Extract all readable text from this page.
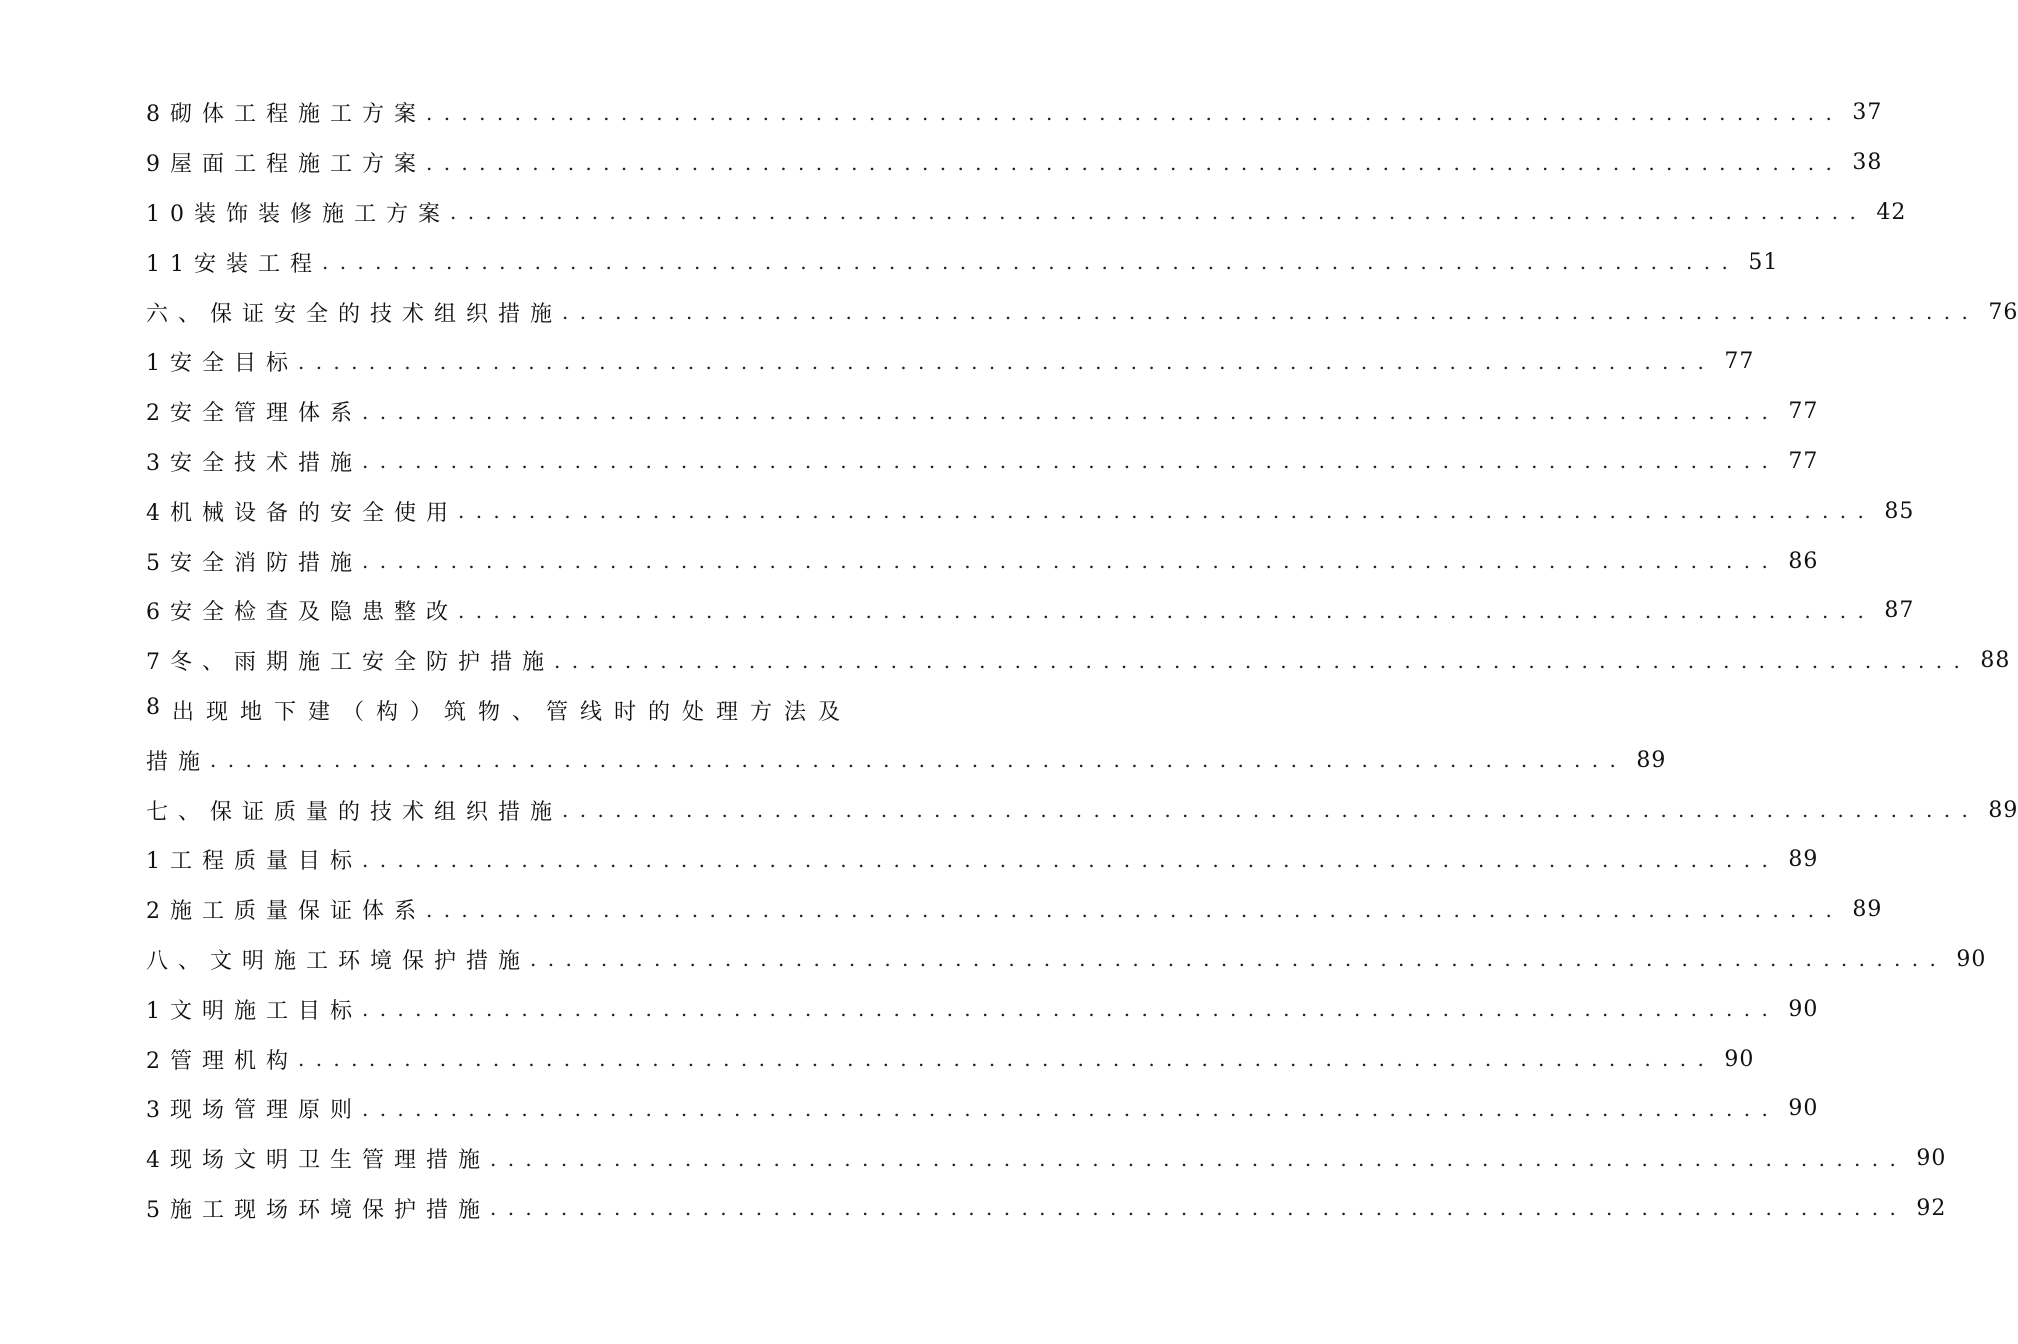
8砌体工程施工方案 . . . . . . . . . . . . . . . . . . . . . . . . . . . . . . . . . . . . . . . . . . . . . . . . . . . . . . . . . . . . . . . . . . . . . . . . . . . . . . . . 37
9屋面工程施工方案 . . . . . . . . . . . . . . . . . . . . . . . . . . . . . . . . . . . . . . . . . . . . . . . . . . . . . . . . . . . . . . . . . . . . . . . . . . . . . . . . 38
10装饰装修施工方案 . . . . . . . . . . . . . . . . . . . . . . . . . . . . . . . . . . . . . . . . . . . . . . . . . . . . . . . . . . . . . . . . . . . . . . . . . . . . . . . . 42
11安装工程 . . . . . . . . . . . . . . . . . . . . . . . . . . . . . . . . . . . . . . . . . . . . . . . . . . . . . . . . . . . . . . . . . . . . . . . . . . . . . . . . 51
六、保证安全的技术组织措施 . . . . . . . . . . . . . . . . . . . . . . . . . . . . . . . . . . . . . . . . . . . . . . . . . . . . . . . . . . . . . . . . . . . . . . . . . . . . . . . . 76
1安全目标 . . . . . . . . . . . . . . . . . . . . . . . . . . . . . . . . . . . . . . . . . . . . . . . . . . . . . . . . . . . . . . . . . . . . . . . . . . . . . . . . 77
2安全管理体系 . . . . . . . . . . . . . . . . . . . . . . . . . . . . . . . . . . . . . . . . . . . . . . . . . . . . . . . . . . . . . . . . . . . . . . . . . . . . . . . . 77
3安全技术措施 . . . . . . . . . . . . . . . . . . . . . . . . . . . . . . . . . . . . . . . . . . . . . . . . . . . . . . . . . . . . . . . . . . . . . . . . . . . . . . . . 77
4机械设备的安全使用 . . . . . . . . . . . . . . . . . . . . . . . . . . . . . . . . . . . . . . . . . . . . . . . . . . . . . . . . . . . . . . . . . . . . . . . . . . . . . . . . 85
5安全消防措施 . . . . . . . . . . . . . . . . . . . . . . . . . . . . . . . . . . . . . . . . . . . . . . . . . . . . . . . . . . . . . . . . . . . . . . . . . . . . . . . . 86
6安全检查及隐患整改 . . . . . . . . . . . . . . . . . . . . . . . . . . . . . . . . . . . . . . . . . . . . . . . . . . . . . . . . . . . . . . . . . . . . . . . . . . . . . . . . 87
7冬、雨期施工安全防护措施 . . . . . . . . . . . . . . . . . . . . . . . . . . . . . . . . . . . . . . . . . . . . . . . . . . . . . . . . . . . . . . . . . . . . . . . . . . . . . . . . 88
8 出 现 地 下 建 （ 构 ） 筑 物 、 管 线 时 的 处 理 方 法 及
措施 . . . . . . . . . . . . . . . . . . . . . . . . . . . . . . . . . . . . . . . . . . . . . . . . . . . . . . . . . . . . . . . . . . . . . . . . . . . . . . . . 89
七、保证质量的技术组织措施 . . . . . . . . . . . . . . . . . . . . . . . . . . . . . . . . . . . . . . . . . . . . . . . . . . . . . . . . . . . . . . . . . . . . . . . . . . . . . . . . 89
1工程质量目标 . . . . . . . . . . . . . . . . . . . . . . . . . . . . . . . . . . . . . . . . . . . . . . . . . . . . . . . . . . . . . . . . . . . . . . . . . . . . . . . . 89
2施工质量保证体系 . . . . . . . . . . . . . . . . . . . . . . . . . . . . . . . . . . . . . . . . . . . . . . . . . . . . . . . . . . . . . . . . . . . . . . . . . . . . . . . . 89
八、文明施工环境保护措施 . . . . . . . . . . . . . . . . . . . . . . . . . . . . . . . . . . . . . . . . . . . . . . . . . . . . . . . . . . . . . . . . . . . . . . . . . . . . . . . . 90
1文明施工目标 . . . . . . . . . . . . . . . . . . . . . . . . . . . . . . . . . . . . . . . . . . . . . . . . . . . . . . . . . . . . . . . . . . . . . . . . . . . . . . . . 90
2管理机构 . . . . . . . . . . . . . . . . . . . . . . . . . . . . . . . . . . . . . . . . . . . . . . . . . . . . . . . . . . . . . . . . . . . . . . . . . . . . . . . . 90
3现场管理原则 . . . . . . . . . . . . . . . . . . . . . . . . . . . . . . . . . . . . . . . . . . . . . . . . . . . . . . . . . . . . . . . . . . . . . . . . . . . . . . . . 90
4现场文明卫生管理措施 . . . . . . . . . . . . . . . . . . . . . . . . . . . . . . . . . . . . . . . . . . . . . . . . . . . . . . . . . . . . . . . . . . . . . . . . . . . . . . . . 90
5施工现场环境保护措施 . . . . . . . . . . . . . . . . . . . . . . . . . . . . . . . . . . . . . . . . . . . . . . . . . . . . . . . . . . . . . . . . . . . . . . . . . . . . . . . . 92
